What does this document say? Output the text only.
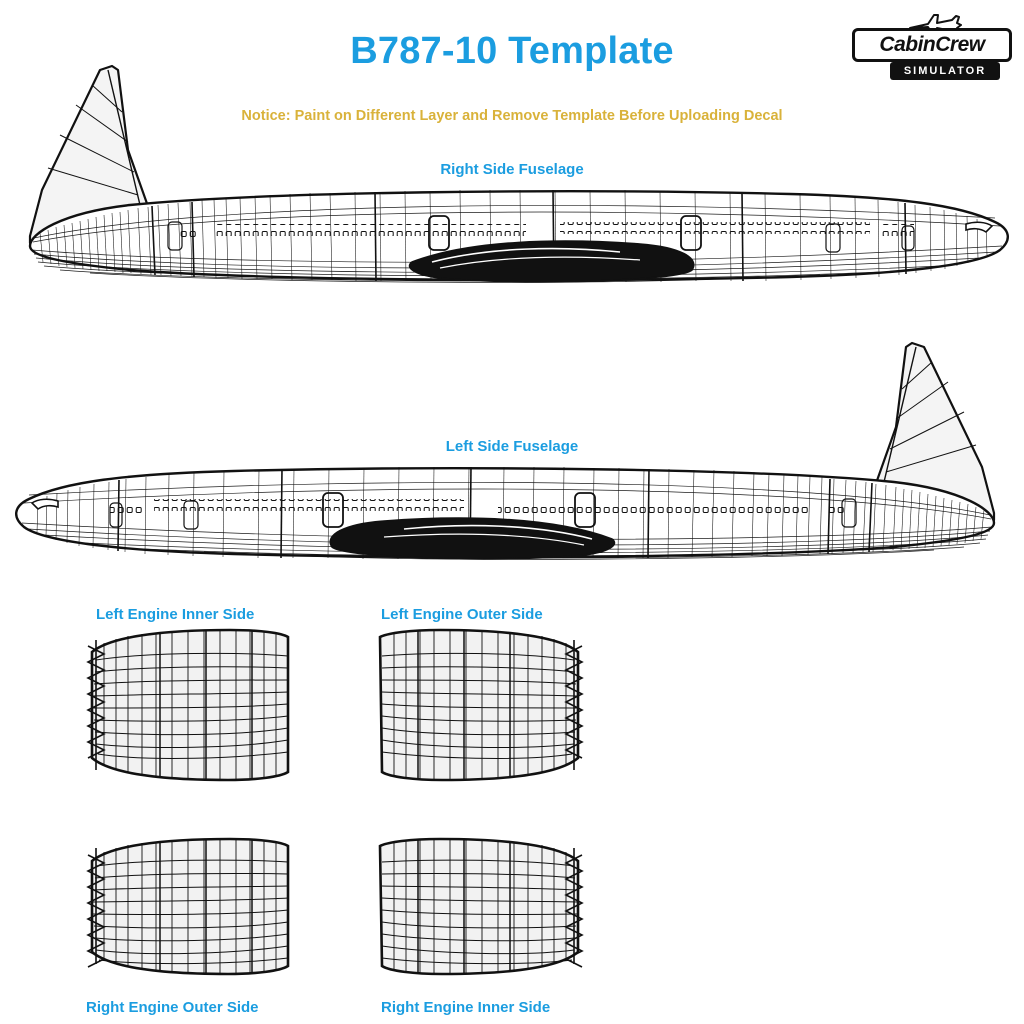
B787-10 Template
Notice: Paint on Different Layer and Remove Template Before Uploading Decal
Right Side Fuselage
Left Side Fuselage
Left Engine Inner Side	Left Engine Outer Side
Right Engine Outer Side	Right Engine Inner Side
CabinCrew
SIMULATOR
